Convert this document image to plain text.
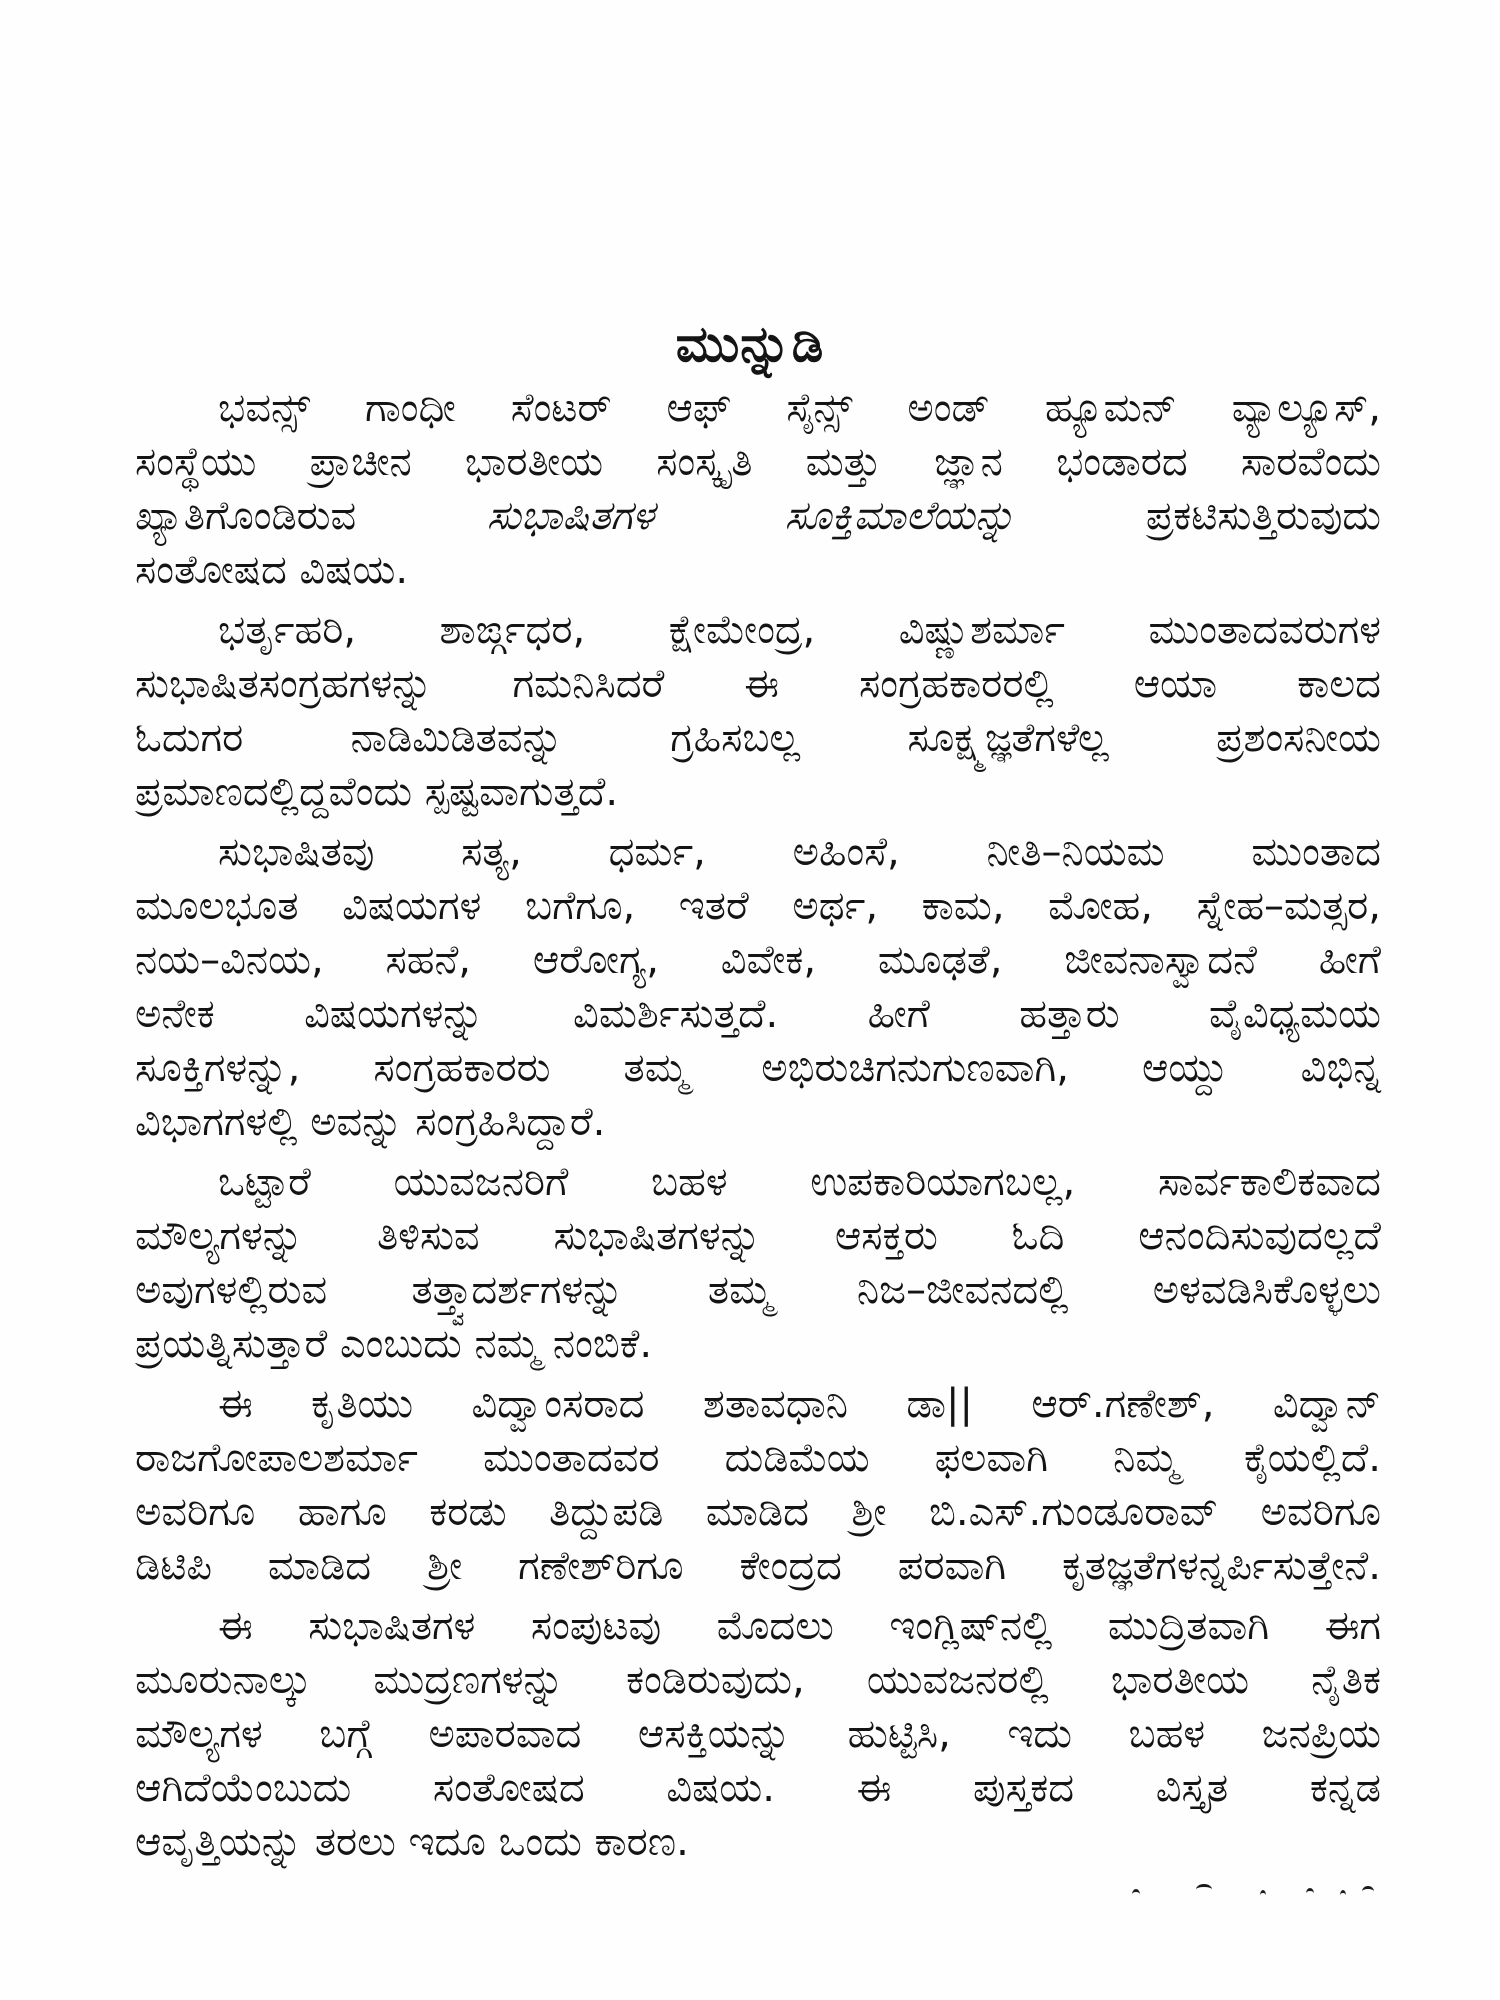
ಮುನ್ನುಡಿ
ಭವನ್ಸ್ ಗಾಂಧೀ ಸೆಂಟರ್ ಆಫ್ ಸೈನ್ಸ್ ಅಂಡ್ ಹ್ಯೂಮನ್ ವ್ಯಾಲ್ಯೂಸ್,
ಸಂಸ್ಥೆಯು ಪ್ರಾಚೀನ ಭಾರತೀಯ ಸಂಸ್ಕೃತಿ ಮತ್ತು ಜ್ಞಾನ ಭಂಡಾರದ ಸಾರವೆಂದು
ಖ್ಯಾತಿಗೊಂಡಿರುವ ಸುಭಾಷಿತಗಳ ಸೂಕ್ತಿಮಾಲೆಯನ್ನು ಪ್ರಕಟಿಸುತ್ತಿರುವುದು
ಸಂತೋಷದ ವಿಷಯ.
ಭರ್ತೃಹರಿ, ಶಾರ್ಙ್ಗಧರ, ಕ್ಷೇಮೇಂದ್ರ, ವಿಷ್ಣುಶರ್ಮಾ ಮುಂತಾದವರುಗಳ
ಸುಭಾಷಿತಸಂಗ್ರಹಗಳನ್ನು ಗಮನಿಸಿದರೆ ಈ ಸಂಗ್ರಹಕಾರರಲ್ಲಿ ಆಯಾ ಕಾಲದ
ಓದುಗರ ನಾಡಿಮಿಡಿತವನ್ನು ಗ್ರಹಿಸಬಲ್ಲ ಸೂಕ್ಷ್ಮಜ್ಞತೆಗಳೆಲ್ಲ ಪ್ರಶಂಸನೀಯ
ಪ್ರಮಾಣದಲ್ಲಿದ್ದವೆಂದು ಸ್ಪಷ್ಟವಾಗುತ್ತದೆ.
ಸುಭಾಷಿತವು ಸತ್ಯ, ಧರ್ಮ, ಅಹಿಂಸೆ, ನೀತಿ–ನಿಯಮ ಮುಂತಾದ
ಮೂಲಭೂತ ವಿಷಯಗಳ ಬಗೆಗೂ, ಇತರೆ ಅರ್ಥ, ಕಾಮ, ಮೋಹ, ಸ್ನೇಹ–ಮತ್ಸರ,
ನಯ–ವಿನಯ, ಸಹನೆ, ಆರೋಗ್ಯ, ವಿವೇಕ, ಮೂಢತೆ, ಜೀವನಾಸ್ವಾದನೆ ಹೀಗೆ
ಅನೇಕ ವಿಷಯಗಳನ್ನು ವಿಮರ್ಶಿಸುತ್ತದೆ. ಹೀಗೆ ಹತ್ತಾರು ವೈವಿಧ್ಯಮಯ
ಸೂಕ್ತಿಗಳನ್ನು, ಸಂಗ್ರಹಕಾರರು ತಮ್ಮ ಅಭಿರುಚಿಗನುಗುಣವಾಗಿ, ಆಯ್ದು ವಿಭಿನ್ನ
ವಿಭಾಗಗಳಲ್ಲಿ ಅವನ್ನು ಸಂಗ್ರಹಿಸಿದ್ದಾರೆ.
ಒಟ್ಟಾರೆ ಯುವಜನರಿಗೆ ಬಹಳ ಉಪಕಾರಿಯಾಗಬಲ್ಲ, ಸಾರ್ವಕಾಲಿಕವಾದ
ಮೌಲ್ಯಗಳನ್ನು ತಿಳಿಸುವ ಸುಭಾಷಿತಗಳನ್ನು ಆಸಕ್ತರು ಓದಿ ಆನಂದಿಸುವುದಲ್ಲದೆ
ಅವುಗಳಲ್ಲಿರುವ ತತ್ತ್ವಾದರ್ಶಗಳನ್ನು ತಮ್ಮ ನಿಜ–ಜೀವನದಲ್ಲಿ ಅಳವಡಿಸಿಕೊಳ್ಳಲು
ಪ್ರಯತ್ನಿಸುತ್ತಾರೆ ಎಂಬುದು ನಮ್ಮ ನಂಬಿಕೆ.
ಈ ಕೃತಿಯು ವಿದ್ವಾಂಸರಾದ ಶತಾವಧಾನಿ ಡಾ|| ಆರ್.ಗಣೇಶ್, ವಿದ್ವಾನ್
ರಾಜಗೋಪಾಲಶರ್ಮಾ ಮುಂತಾದವರ ದುಡಿಮೆಯ ಫಲವಾಗಿ ನಿಮ್ಮ ಕೈಯಲ್ಲಿದೆ.
ಅವರಿಗೂ ಹಾಗೂ ಕರಡು ತಿದ್ದುಪಡಿ ಮಾಡಿದ ಶ್ರೀ ಬಿ.ಎಸ್.ಗುಂಡೂರಾವ್ ಅವರಿಗೂ
ಡಿಟಿಪಿ ಮಾಡಿದ ಶ್ರೀ ಗಣೇಶ್‌ರಿಗೂ ಕೇಂದ್ರದ ಪರವಾಗಿ ಕೃತಜ್ಞತೆಗಳನ್ನರ್ಪಿಸುತ್ತೇನೆ.
ಈ ಸುಭಾಷಿತಗಳ ಸಂಪುಟವು ಮೊದಲು ಇಂಗ್ಲಿಷ್‌ನಲ್ಲಿ ಮುದ್ರಿತವಾಗಿ ಈಗ
ಮೂರುನಾಲ್ಕು ಮುದ್ರಣಗಳನ್ನು ಕಂಡಿರುವುದು, ಯುವಜನರಲ್ಲಿ ಭಾರತೀಯ ನೈತಿಕ
ಮೌಲ್ಯಗಳ ಬಗ್ಗೆ ಅಪಾರವಾದ ಆಸಕ್ತಿಯನ್ನು ಹುಟ್ಟಿಸಿ, ಇದು ಬಹಳ ಜನಪ್ರಿಯ
ಆಗಿದೆಯೆಂಬುದು ಸಂತೋಷದ ವಿಷಯ. ಈ ಪುಸ್ತಕದ ವಿಸ್ತೃತ ಕನ್ನಡ
ಆವೃತ್ತಿಯನ್ನು ತರಲು ಇದೂ ಒಂದು ಕಾರಣ.
